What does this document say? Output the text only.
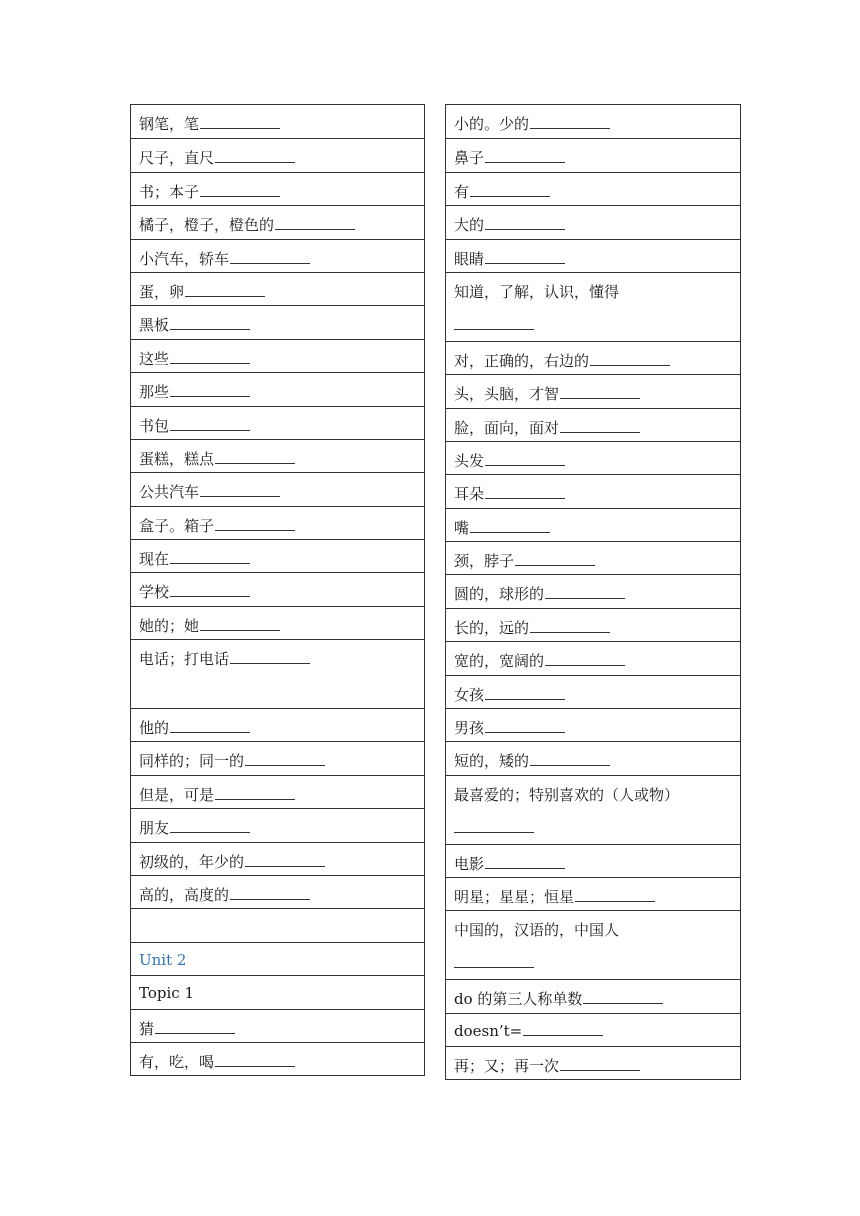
钢笔，笔
尺子，直尺
书；本子
橘子，橙子，橙色的
小汽车，轿车
蛋，卵
黑板
这些
那些
书包
蛋糕，糕点
公共汽车
盒子。箱子
现在
学校
她的；她
电话；打电话
他的
同样的；同一的
但是，可是
朋友
初级的，年少的
高的，高度的
Unit 2
Topic 1
猜
有，吃，喝
小的。少的
鼻子
有
大的
眼睛
知道，了解，认识，懂得
对，正确的，右边的
头，头脑，才智
脸，面向，面对
头发
耳朵
嘴
颈，脖子
圆的，球形的
长的，远的
宽的，宽阔的
女孩
男孩
短的，矮的
最喜爱的；特别喜欢的（人或物）
电影
明星；星星；恒星
中国的，汉语的，中国人
do 的第三人称单数
doesn’t=
再；又；再一次
